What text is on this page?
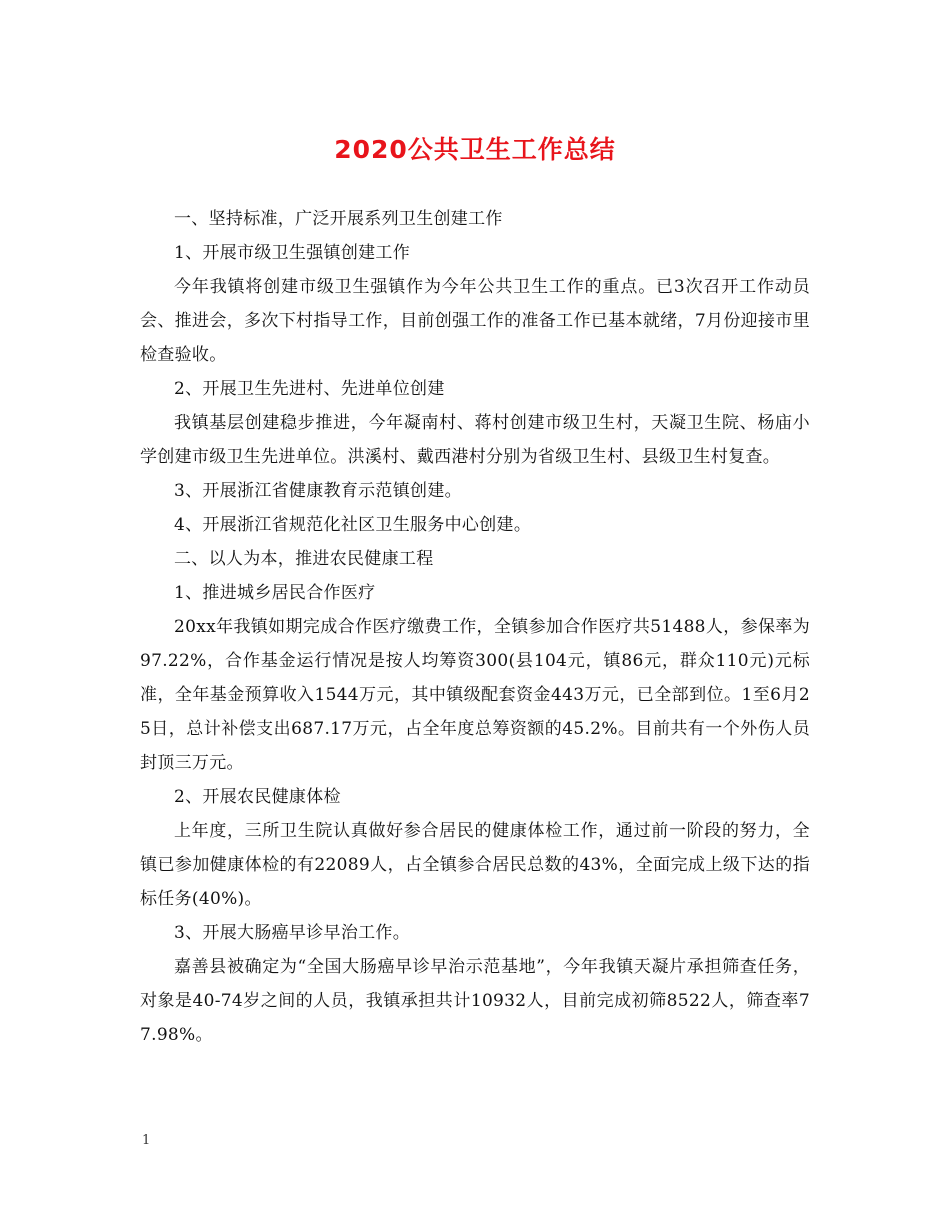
2020公共卫生工作总结

一、坚持标准，广泛开展系列卫生创建工作

1、开展市级卫生强镇创建工作

今年我镇将创建市级卫生强镇作为今年公共卫生工作的重点。已3次召开工作动员会、推进会，多次下村指导工作，目前创强工作的准备工作已基本就绪，7月份迎接市里检查验收。

2、开展卫生先进村、先进单位创建

我镇基层创建稳步推进，今年凝南村、蒋村创建市级卫生村，天凝卫生院、杨庙小学创建市级卫生先进单位。洪溪村、戴西港村分别为省级卫生村、县级卫生村复查。

3、开展浙江省健康教育示范镇创建。

4、开展浙江省规范化社区卫生服务中心创建。

二、以人为本，推进农民健康工程

1、推进城乡居民合作医疗

20xx年我镇如期完成合作医疗缴费工作，全镇参加合作医疗共51488人，参保率为97.22%，合作基金运行情况是按人均筹资300(县104元，镇86元，群众110元)元标准，全年基金预算收入1544万元，其中镇级配套资金443万元，已全部到位。1至6月25日，总计补偿支出687.17万元，占全年度总筹资额的45.2%。目前共有一个外伤人员封顶三万元。

2、开展农民健康体检

上年度，三所卫生院认真做好参合居民的健康体检工作，通过前一阶段的努力，全镇已参加健康体检的有22089人，占全镇参合居民总数的43%，全面完成上级下达的指标任务(40%)。

3、开展大肠癌早诊早治工作。

嘉善县被确定为“全国大肠癌早诊早治示范基地”，今年我镇天凝片承担筛查任务，对象是40-74岁之间的人员，我镇承担共计10932人，目前完成初筛8522人，筛查率77.98%。

1
